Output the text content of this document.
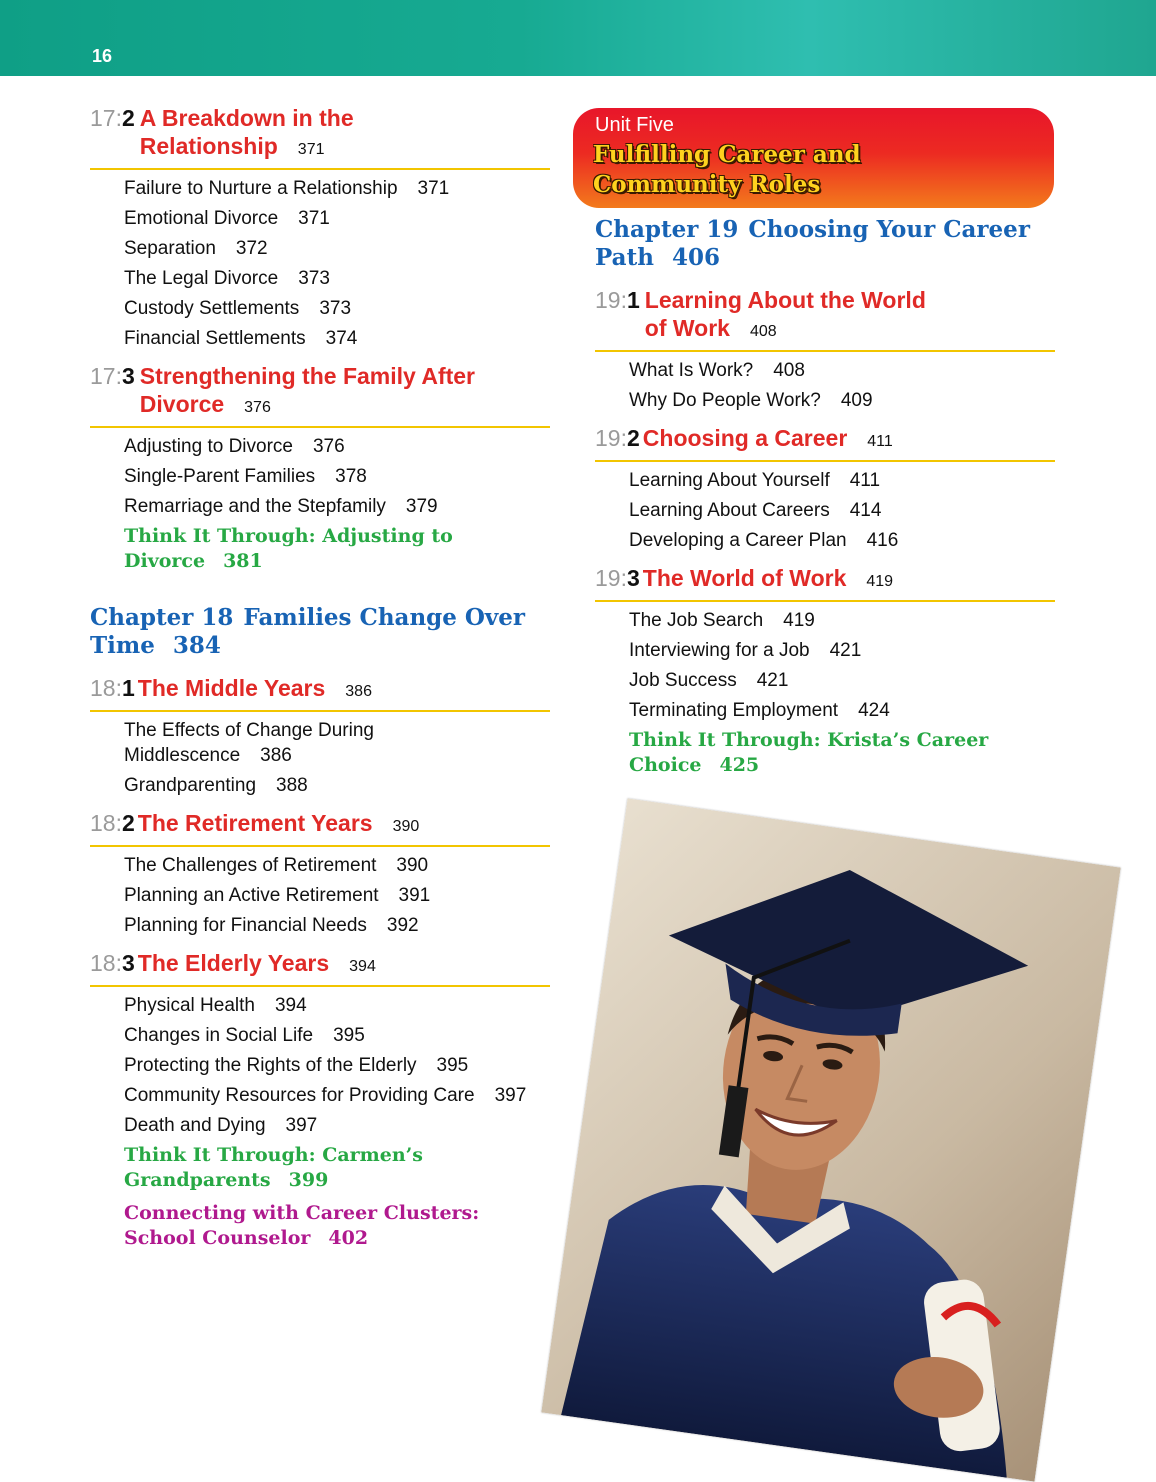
16
17:2 A Breakdown in the
Relationship 371
Failure to Nurture a Relationship 371
Emotional Divorce 371
Separation 372
The Legal Divorce 373
Custody Settlements 373
Financial Settlements 374
17:3 Strengthening the Family After
Divorce 376
Adjusting to Divorce 376
Single-Parent Families 378
Remarriage and the Stepfamily 379
Think It Through: Adjusting to
Divorce 381
Chapter 18 Families Change Over
Time 384
18:1 The Middle Years 386
The Effects of Change During
Middlescence 386
Grandparenting 388
18:2 The Retirement Years 390
The Challenges of Retirement 390
Planning an Active Retirement 391
Planning for Financial Needs 392
18:3 The Elderly Years 394
Physical Health 394
Changes in Social Life 395
Protecting the Rights of the Elderly 395
Community Resources for Providing Care 397
Death and Dying 397
Think It Through: Carmen’s
Grandparents 399
Connecting with Career Clusters:
School Counselor 402
Unit Five
Fulfilling Career and
Community Roles
Chapter 19 Choosing Your Career
Path 406
19:1 Learning About the World
of Work 408
What Is Work? 408
Why Do People Work? 409
19:2 Choosing a Career 411
Learning About Yourself 411
Learning About Careers 414
Developing a Career Plan 416
19:3 The World of Work 419
The Job Search 419
Interviewing for a Job 421
Job Success 421
Terminating Employment 424
Think It Through: Krista’s Career
Choice 425
